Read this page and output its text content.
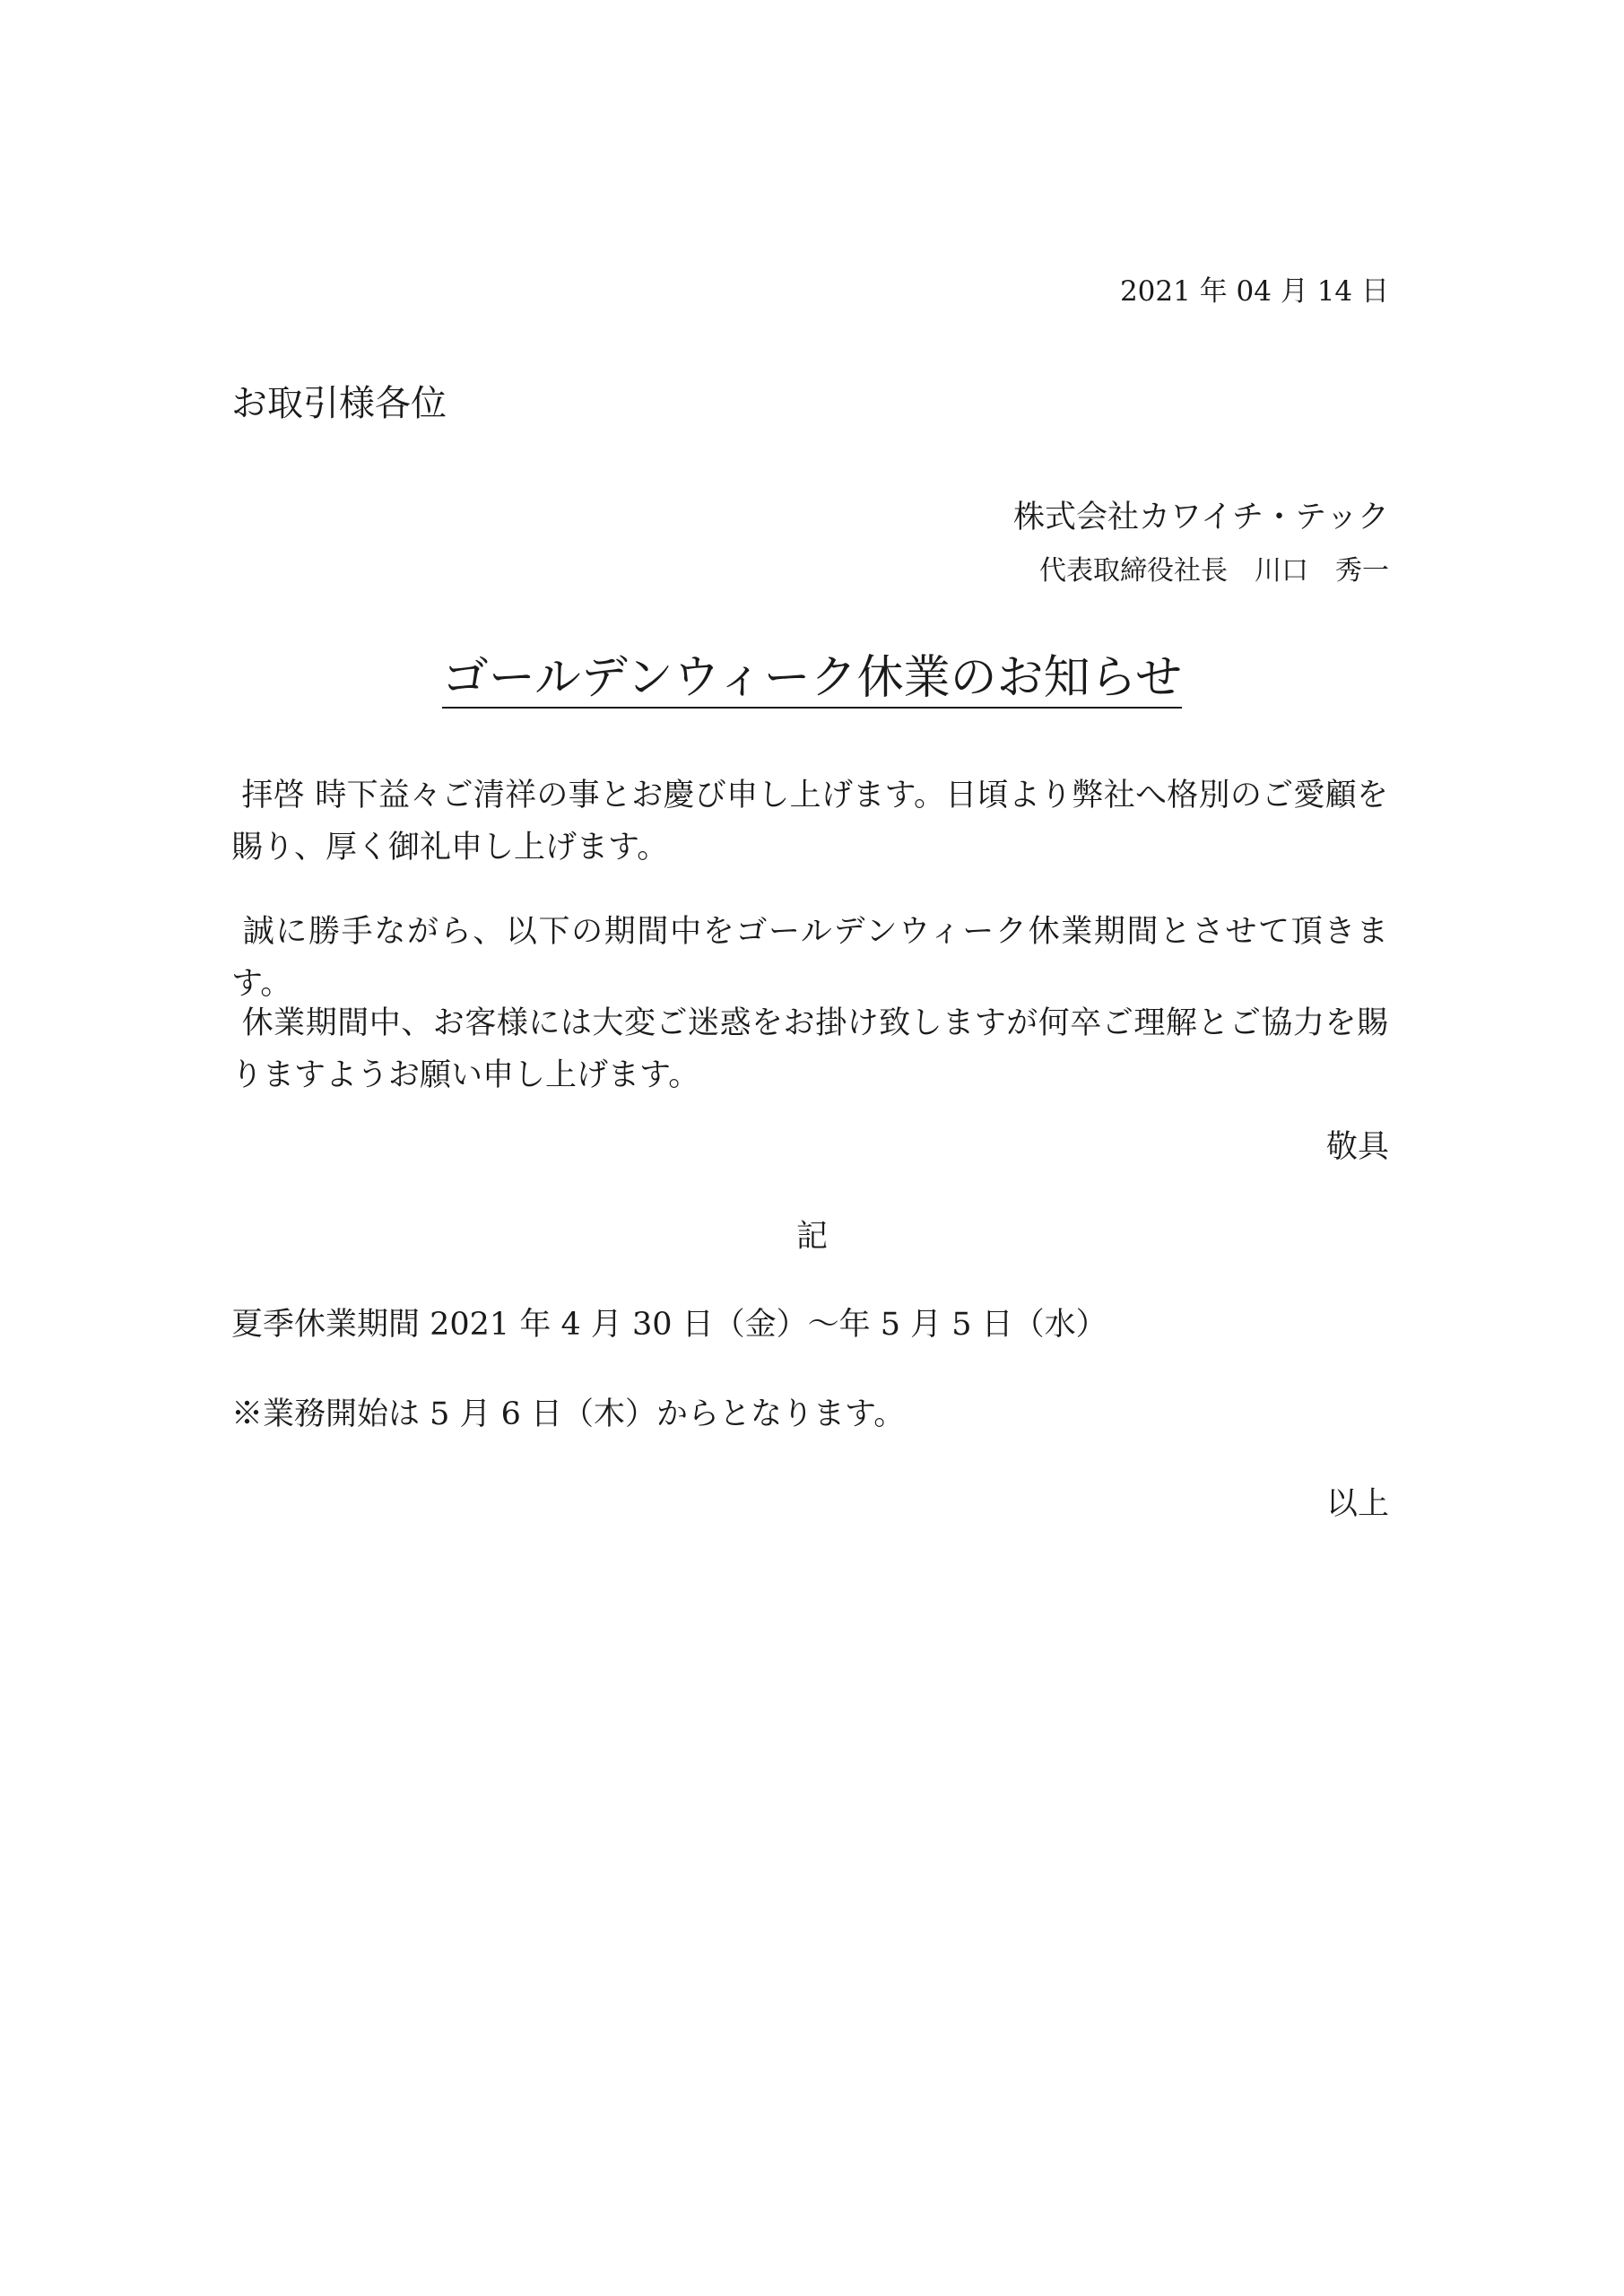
2021 年 04 月 14 日
お取引様各位
株式会社カワイチ・テック
代表取締役社長　川口　秀一
ゴールデンウィーク休業のお知らせ
拝啓 時下益々ご清祥の事とお慶び申し上げます。日頃より弊社へ格別のご愛顧を賜り、厚く御礼申し上げます。
誠に勝手ながら、以下の期間中をゴールデンウィーク休業期間とさせて頂きます。
休業期間中、お客様には大変ご迷惑をお掛け致しますが何卒ご理解とご協力を賜りますようお願い申し上げます。
敬具
記
夏季休業期間 2021 年 4 月 30 日（金）〜年 5 月 5 日（水）
※業務開始は 5 月 6 日（木）からとなります。
以上
